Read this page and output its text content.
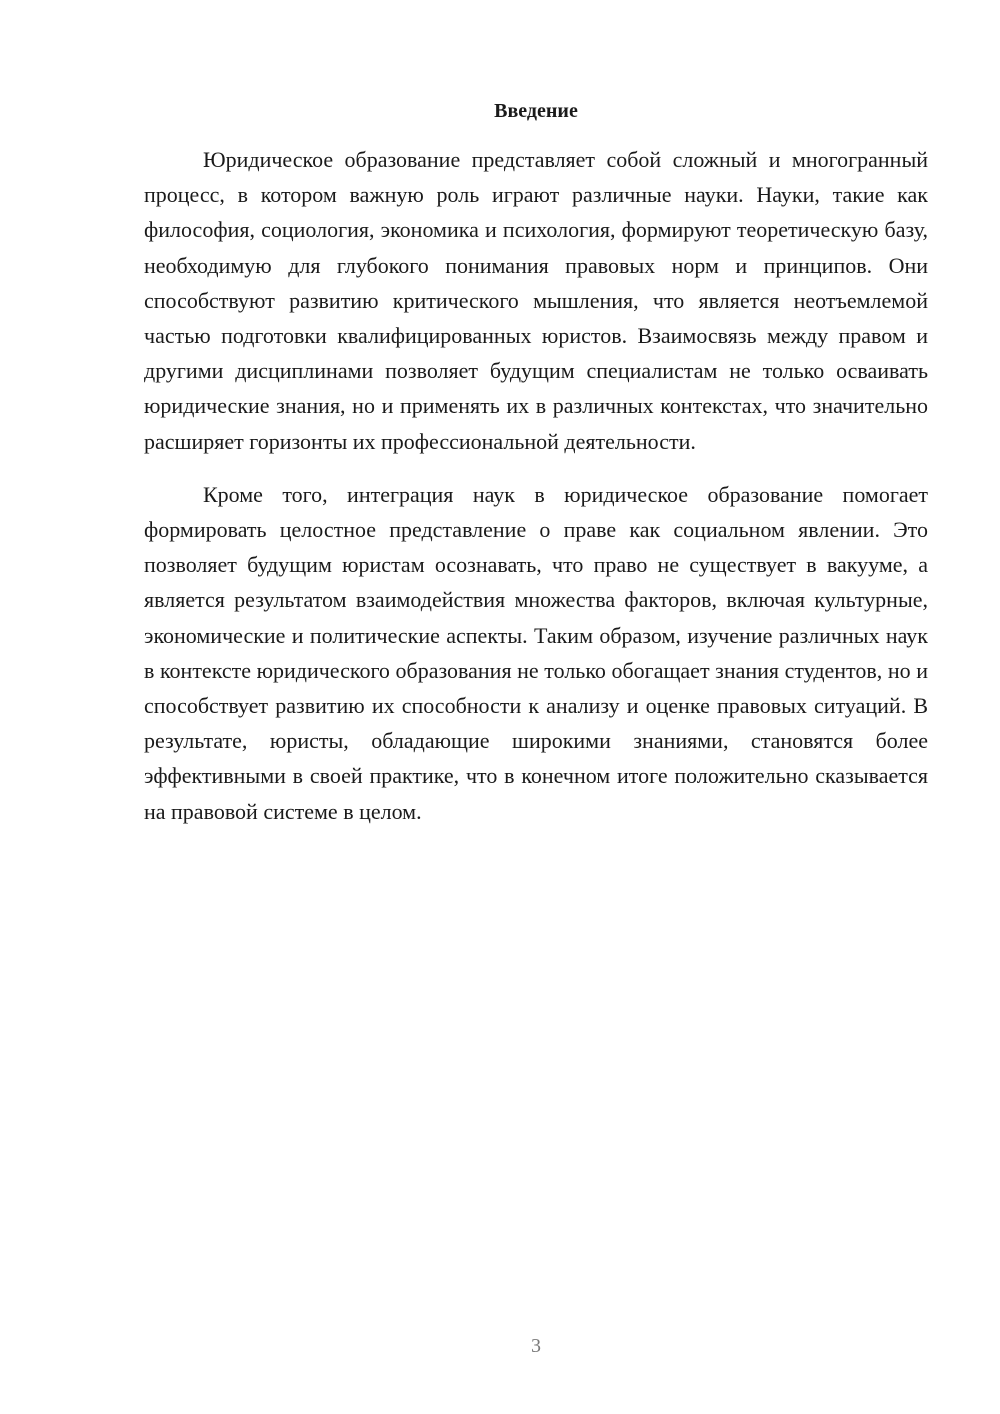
Введение

Юридическое образование представляет собой сложный и многогранный процесс, в котором важную роль играют различные науки. Науки, такие как философия, социология, экономика и психология, формируют теоретическую базу, необходимую для глубокого понимания правовых норм и принципов. Они способствуют развитию критического мышления, что является неотъемлемой частью подготовки квалифицированных юристов. Взаимосвязь между правом и другими дисциплинами позволяет будущим специалистам не только осваивать юридические знания, но и применять их в различных контекстах, что значительно расширяет горизонты их профессиональной деятельности.

Кроме того, интеграция наук в юридическое образование помогает формировать целостное представление о праве как социальном явлении. Это позволяет будущим юристам осознавать, что право не существует в вакууме, а является результатом взаимодействия множества факторов, включая культурные, экономические и политические аспекты. Таким образом, изучение различных наук в контексте юридического образования не только обогащает знания студентов, но и способствует развитию их способности к анализу и оценке правовых ситуаций. В результате, юристы, обладающие широкими знаниями, становятся более эффективными в своей практике, что в конечном итоге положительно сказывается на правовой системе в целом.

3
